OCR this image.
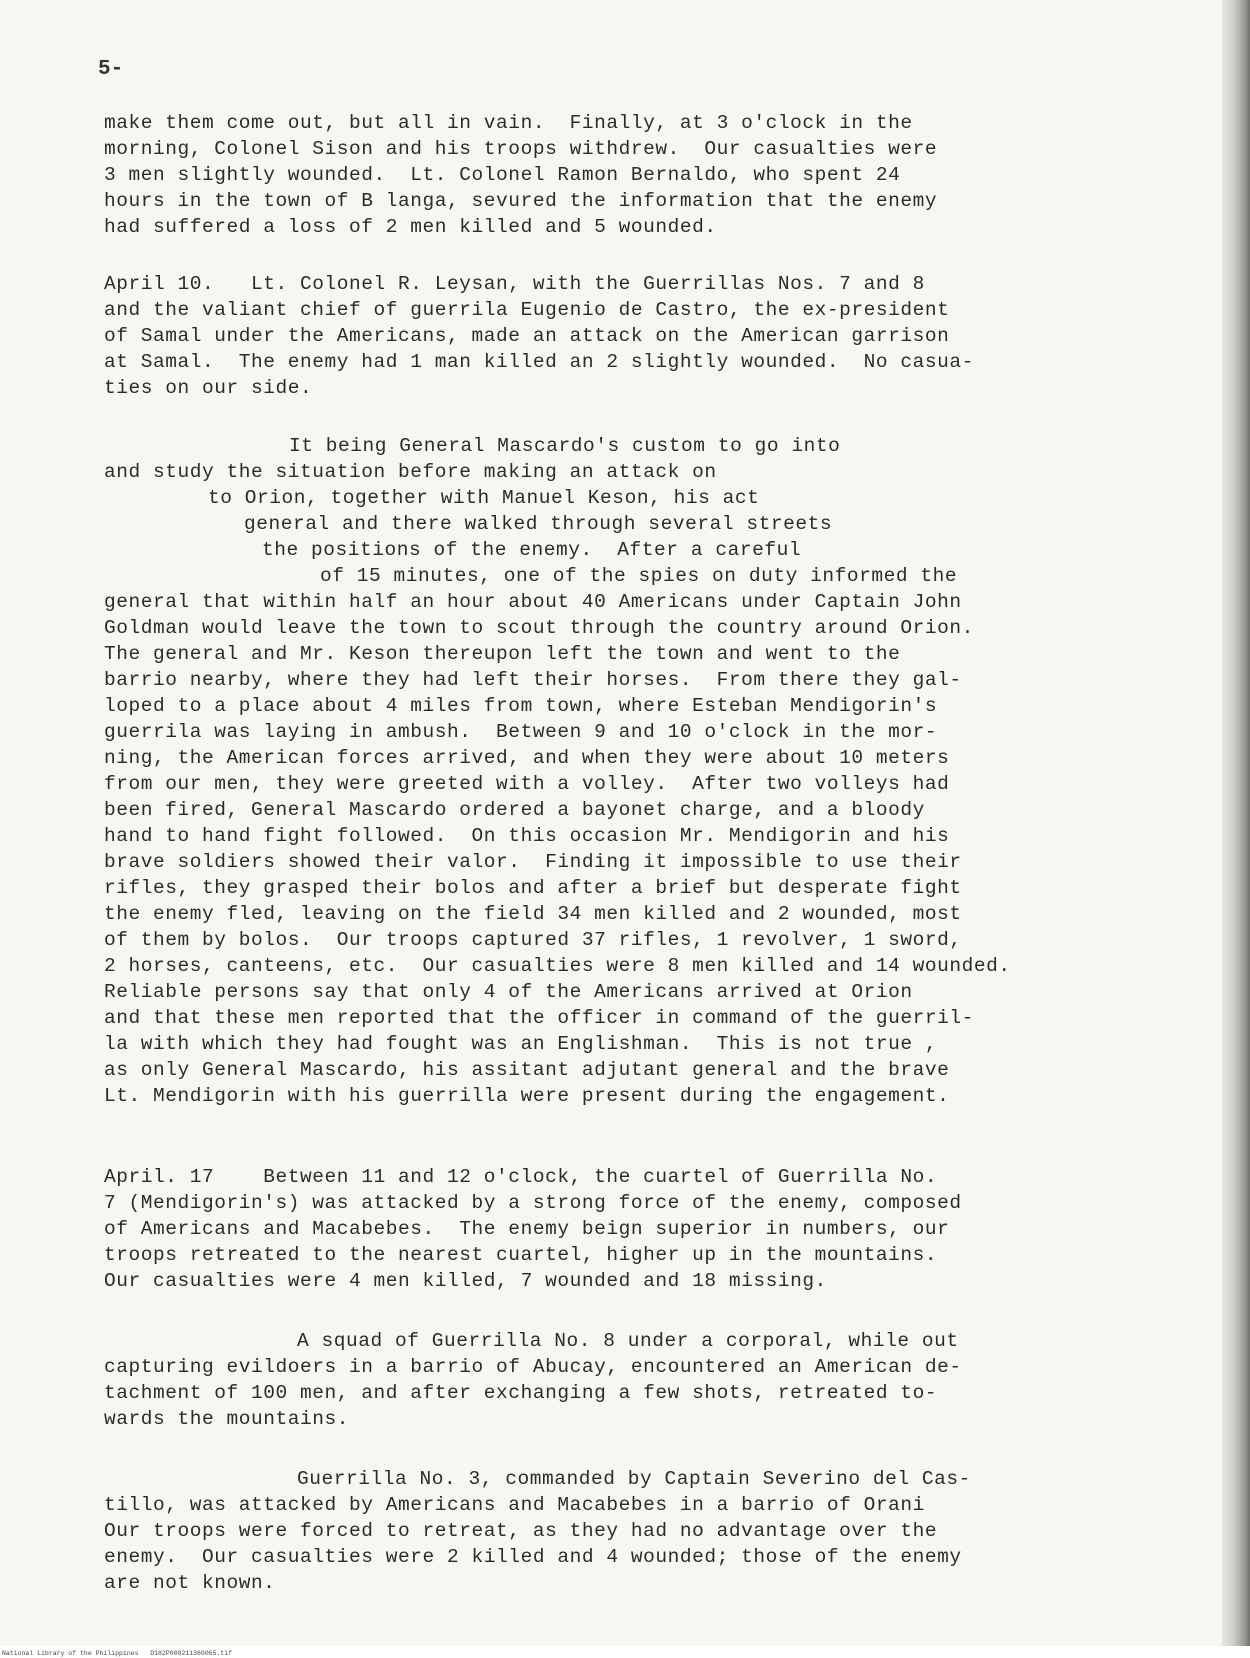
5-
make them come out, but all in vain.  Finally, at 3 o'clock in the
morning, Colonel Sison and his troops withdrew.  Our casualties were
3 men slightly wounded.  Lt. Colonel Ramon Bernaldo, who spent 24
hours in the town of B langa, sevured the information that the enemy
had suffered a loss of 2 men killed and 5 wounded.
April 10.   Lt. Colonel R. Leysan, with the Guerrillas Nos. 7 and 8
and the valiant chief of guerrila Eugenio de Castro, the ex-president
of Samal under the Americans, made an attack on the American garrison
at Samal.  The enemy had 1 man killed an 2 slightly wounded.  No casua-
ties on our side.
It being General Mascardo's custom to go into
and study the situation before making an attack on
to Orion, together with Manuel Keson, his act
general and there walked through several streets
the positions of the enemy.  After a careful
of 15 minutes, one of the spies on duty informed the
general that within half an hour about 40 Americans under Captain John
Goldman would leave the town to scout through the country around Orion.
The general and Mr. Keson thereupon left the town and went to the
barrio nearby, where they had left their horses.  From there they gal-
loped to a place about 4 miles from town, where Esteban Mendigorin's
guerrila was laying in ambush.  Between 9 and 10 o'clock in the mor-
ning, the American forces arrived, and when they were about 10 meters
from our men, they were greeted with a volley.  After two volleys had
been fired, General Mascardo ordered a bayonet charge, and a bloody
hand to hand fight followed.  On this occasion Mr. Mendigorin and his
brave soldiers showed their valor.  Finding it impossible to use their
rifles, they grasped their bolos and after a brief but desperate fight
the enemy fled, leaving on the field 34 men killed and 2 wounded, most
of them by bolos.  Our troops captured 37 rifles, 1 revolver, 1 sword,
2 horses, canteens, etc.  Our casualties were 8 men killed and 14 wounded.
Reliable persons say that only 4 of the Americans arrived at Orion
and that these men reported that the officer in command of the guerril-
la with which they had fought was an Englishman.  This is not true ,
as only General Mascardo, his assitant adjutant general and the brave
Lt. Mendigorin with his guerrilla were present during the engagement.
April. 17    Between 11 and 12 o'clock, the cuartel of Guerrilla No.
7 (Mendigorin's) was attacked by a strong force of the enemy, composed
of Americans and Macabebes.  The enemy beign superior in numbers, our
troops retreated to the nearest cuartel, higher up in the mountains.
Our casualties were 4 men killed, 7 wounded and 18 missing.
A squad of Guerrilla No. 8 under a corporal, while out
capturing evildoers in a barrio of Abucay, encountered an American de-
tachment of 100 men, and after exchanging a few shots, retreated to-
wards the mountains.
Guerrilla No. 3, commanded by Captain Severino del Cas-
tillo, was attacked by Americans and Macabebes in a barrio of Orani
Our troops were forced to retreat, as they had no advantage over the
enemy.  Our casualties were 2 killed and 4 wounded; those of the enemy
are not known.
National Library of the Philippines   D182P000211360065.tif
